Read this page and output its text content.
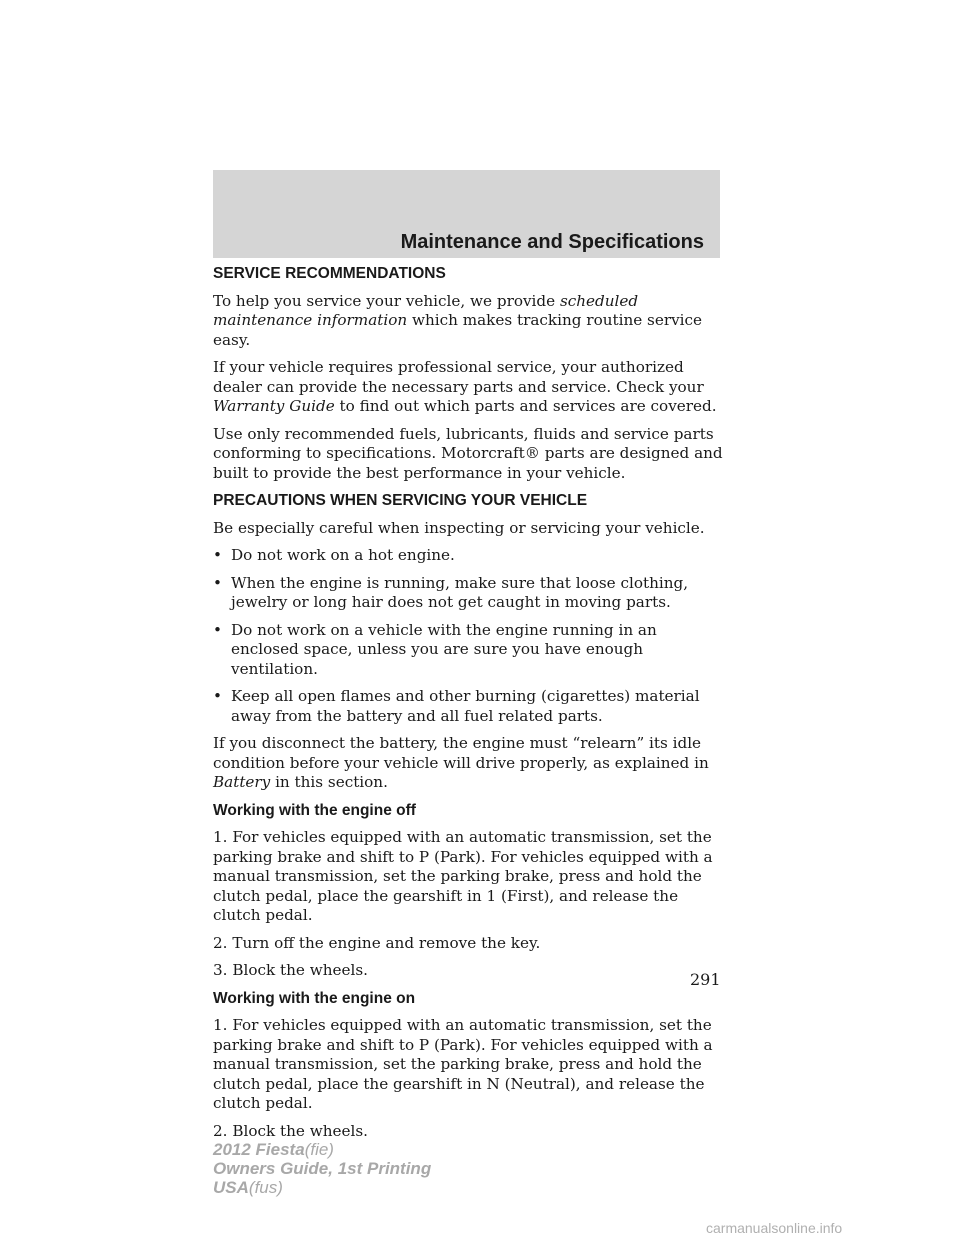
Maintenance and Specifications
SERVICE RECOMMENDATIONS

To help you service your vehicle, we provide scheduled maintenance information which makes tracking routine service easy.

If your vehicle requires professional service, your authorized dealer can provide the necessary parts and service. Check your Warranty Guide to find out which parts and services are covered.

Use only recommended fuels, lubricants, fluids and service parts conforming to specifications. Motorcraft® parts are designed and built to provide the best performance in your vehicle.

PRECAUTIONS WHEN SERVICING YOUR VEHICLE

Be especially careful when inspecting or servicing your vehicle.

• Do not work on a hot engine.
• When the engine is running, make sure that loose clothing, jewelry or long hair does not get caught in moving parts.
• Do not work on a vehicle with the engine running in an enclosed space, unless you are sure you have enough ventilation.
• Keep all open flames and other burning (cigarettes) material away from the battery and all fuel related parts.

If you disconnect the battery, the engine must “relearn” its idle condition before your vehicle will drive properly, as explained in Battery in this section.

Working with the engine off

1. For vehicles equipped with an automatic transmission, set the parking brake and shift to P (Park). For vehicles equipped with a manual transmission, set the parking brake, press and hold the clutch pedal, place the gearshift in 1 (First), and release the clutch pedal.

2. Turn off the engine and remove the key.

3. Block the wheels.

Working with the engine on

1. For vehicles equipped with an automatic transmission, set the parking brake and shift to P (Park). For vehicles equipped with a manual transmission, set the parking brake, press and hold the clutch pedal, place the gearshift in N (Neutral), and release the clutch pedal.

2. Block the wheels.

291
2012 Fiesta(fie)
Owners Guide, 1st Printing
USA(fus)
carmanualsonline.info
